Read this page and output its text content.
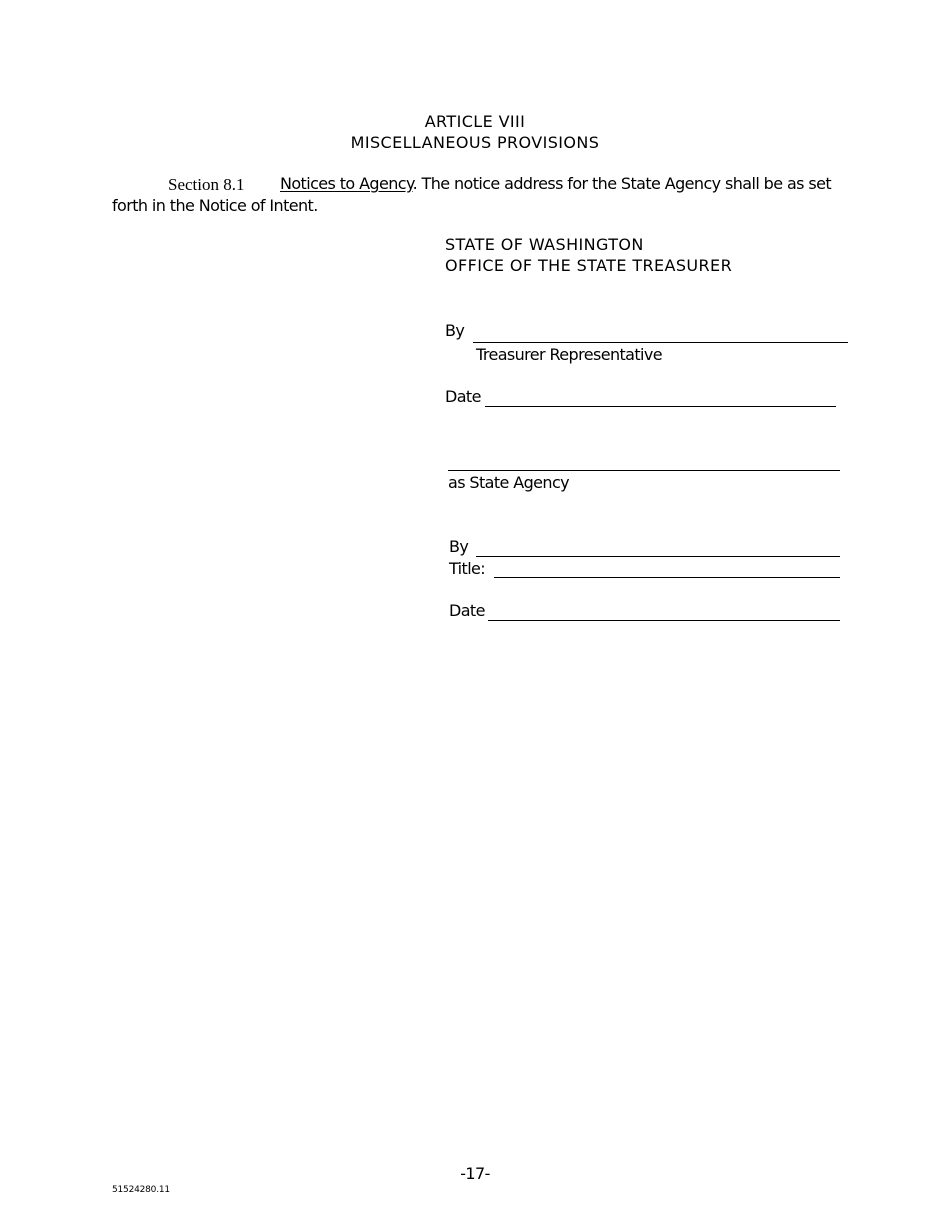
ARTICLE VIII
MISCELLANEOUS PROVISIONS
Section 8.1 Notices to Agency. The notice address for the State Agency shall be as set
forth in the Notice of Intent.
STATE OF WASHINGTON
OFFICE OF THE STATE TREASURER
By
Treasurer Representative
Date
as State Agency
By
Title:
Date
-17-
51524280.11
